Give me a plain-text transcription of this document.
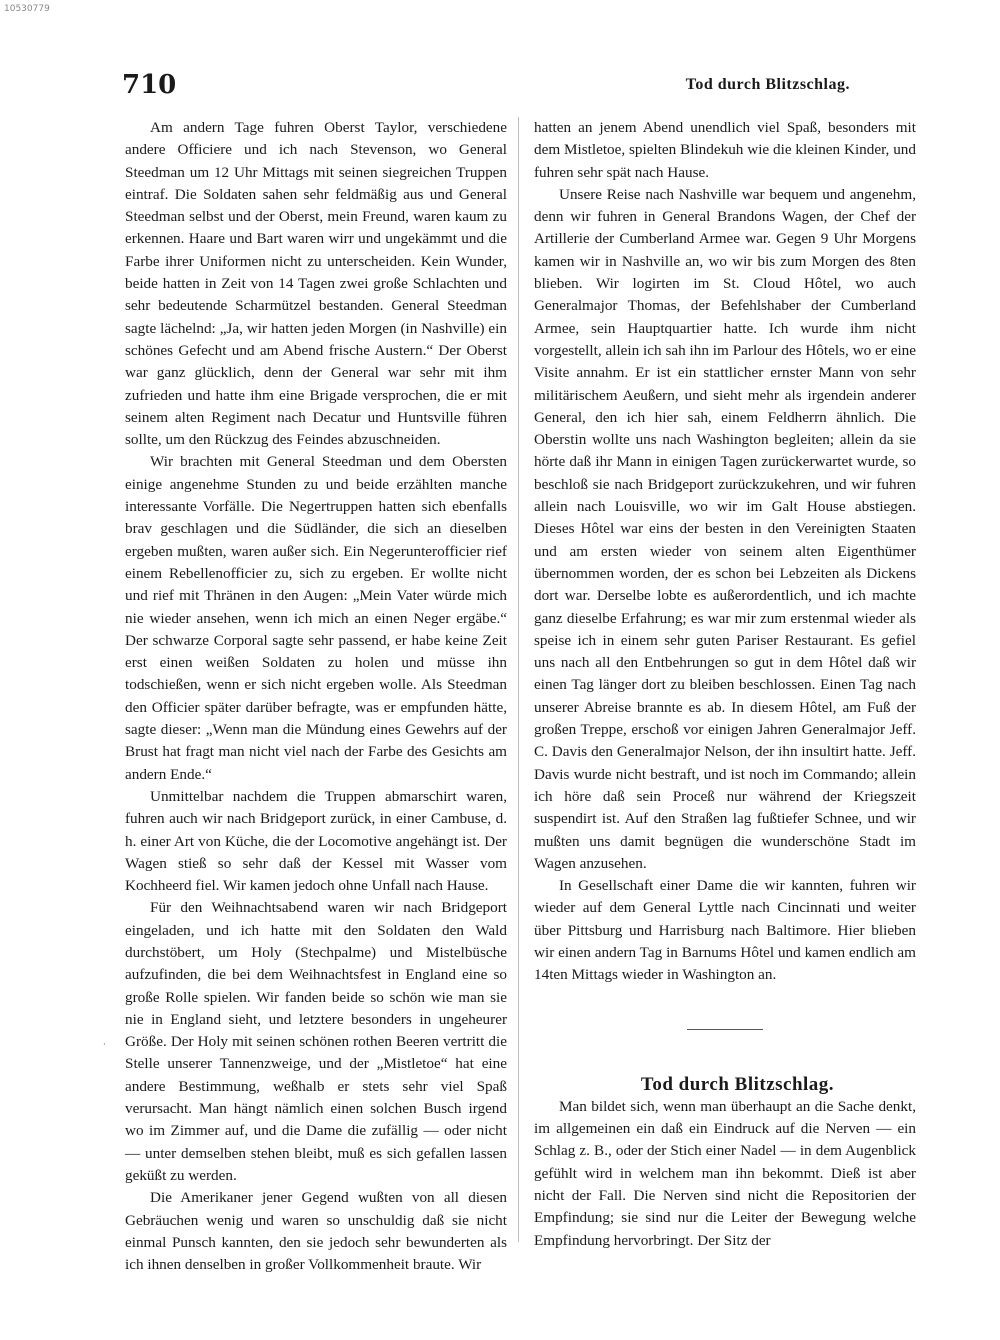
10530779
710	Tod durch Blitzschlag.
·

Am andern Tage fuhren Oberst Taylor, verschiedene andere Officiere und ich nach Stevenson, wo General Steedman um 12 Uhr Mittags mit seinen siegreichen Truppen eintraf. Die Soldaten sahen sehr feldmäßig aus und General Steedman selbst und der Oberst, mein Freund, waren kaum zu erkennen. Haare und Bart waren wirr und ungekämmt und die Farbe ihrer Uniformen nicht zu unterscheiden. Kein Wunder, beide hatten in Zeit von 14 Tagen zwei große Schlachten und sehr bedeutende Scharmützel bestanden. General Steedman sagte lächelnd: „Ja, wir hatten jeden Morgen (in Nashville) ein schönes Gefecht und am Abend frische Austern.“ Der Oberst war ganz glücklich, denn der General war sehr mit ihm zufrieden und hatte ihm eine Brigade versprochen, die er mit seinem alten Regiment nach Decatur und Huntsville führen sollte, um den Rückzug des Feindes abzuschneiden.

Wir brachten mit General Steedman und dem Obersten einige angenehme Stunden zu und beide erzählten manche interessante Vorfälle. Die Negertruppen hatten sich ebenfalls brav geschlagen und die Südländer, die sich an dieselben ergeben mußten, waren außer sich. Ein Negerunterofficier rief einem Rebellenofficier zu, sich zu ergeben. Er wollte nicht und rief mit Thränen in den Augen: „Mein Vater würde mich nie wieder ansehen, wenn ich mich an einen Neger ergäbe.“ Der schwarze Corporal sagte sehr passend, er habe keine Zeit erst einen weißen Soldaten zu holen und müsse ihn todschießen, wenn er sich nicht ergeben wolle. Als Steedman den Officier später darüber befragte, was er empfunden hätte, sagte dieser: „Wenn man die Mündung eines Gewehrs auf der Brust hat fragt man nicht viel nach der Farbe des Gesichts am andern Ende.“

Unmittelbar nachdem die Truppen abmarschirt waren, fuhren auch wir nach Bridgeport zurück, in einer Cambuse, d. h. einer Art von Küche, die der Locomotive angehängt ist. Der Wagen stieß so sehr daß der Kessel mit Wasser vom Kochheerd fiel. Wir kamen jedoch ohne Unfall nach Hause.

Für den Weihnachtsabend waren wir nach Bridgeport eingeladen, und ich hatte mit den Soldaten den Wald durchstöbert, um Holy (Stechpalme) und Mistelbüsche aufzufinden, die bei dem Weihnachtsfest in England eine so große Rolle spielen. Wir fanden beide so schön wie man sie nie in England sieht, und letztere besonders in ungeheurer Größe. Der Holy mit seinen schönen rothen Beeren vertritt die Stelle unserer Tannenzweige, und der „Mistletoe“ hat eine andere Bestimmung, weßhalb er stets sehr viel Spaß verursacht. Man hängt nämlich einen solchen Busch irgend wo im Zimmer auf, und die Dame die zufällig — oder nicht — unter demselben stehen bleibt, muß es sich gefallen lassen geküßt zu werden.

Die Amerikaner jener Gegend wußten von all diesen Gebräuchen wenig und waren so unschuldig daß sie nicht einmal Punsch kannten, den sie jedoch sehr bewunderten als ich ihnen denselben in großer Vollkommenheit braute. Wir

hatten an jenem Abend unendlich viel Spaß, besonders mit dem Mistletoe, spielten Blindekuh wie die kleinen Kinder, und fuhren sehr spät nach Hause.

Unsere Reise nach Nashville war bequem und angenehm, denn wir fuhren in General Brandons Wagen, der Chef der Artillerie der Cumberland Armee war. Gegen 9 Uhr Morgens kamen wir in Nashville an, wo wir bis zum Morgen des 8ten blieben. Wir logirten im St. Cloud Hôtel, wo auch Generalmajor Thomas, der Befehlshaber der Cumberland Armee, sein Hauptquartier hatte. Ich wurde ihm nicht vorgestellt, allein ich sah ihn im Parlour des Hôtels, wo er eine Visite annahm. Er ist ein stattlicher ernster Mann von sehr militärischem Aeußern, und sieht mehr als irgendein anderer General, den ich hier sah, einem Feldherrn ähnlich. Die Oberstin wollte uns nach Washington begleiten; allein da sie hörte daß ihr Mann in einigen Tagen zurückerwartet wurde, so beschloß sie nach Bridgeport zurückzukehren, und wir fuhren allein nach Louisville, wo wir im Galt House abstiegen. Dieses Hôtel war eins der besten in den Vereinigten Staaten und am ersten wieder von seinem alten Eigenthümer übernommen worden, der es schon bei Lebzeiten als Dickens dort war. Derselbe lobte es außerordentlich, und ich machte ganz dieselbe Erfahrung; es war mir zum erstenmal wieder als speise ich in einem sehr guten Pariser Restaurant. Es gefiel uns nach all den Entbehrungen so gut in dem Hôtel daß wir einen Tag länger dort zu bleiben beschlossen. Einen Tag nach unserer Abreise brannte es ab. In diesem Hôtel, am Fuß der großen Treppe, erschoß vor einigen Jahren Generalmajor Jeff. C. Davis den Generalmajor Nelson, der ihn insultirt hatte. Jeff. Davis wurde nicht bestraft, und ist noch im Commando; allein ich höre daß sein Proceß nur während der Kriegszeit suspendirt ist. Auf den Straßen lag fußtiefer Schnee, und wir mußten uns damit begnügen die wunderschöne Stadt im Wagen anzusehen.

In Gesellschaft einer Dame die wir kannten, fuhren wir wieder auf dem General Lyttle nach Cincinnati und weiter über Pittsburg und Harrisburg nach Baltimore. Hier blieben wir einen andern Tag in Barnums Hôtel und kamen endlich am 14ten Mittags wieder in Washington an.

Tod durch Blitzschlag.

Man bildet sich, wenn man überhaupt an die Sache denkt, im allgemeinen ein daß ein Eindruck auf die Nerven — ein Schlag z. B., oder der Stich einer Nadel — in dem Augenblick gefühlt wird in welchem man ihn bekommt. Dieß ist aber nicht der Fall. Die Nerven sind nicht die Repositorien der Empfindung; sie sind nur die Leiter der Bewegung welche Empfindung hervorbringt. Der Sitz der
